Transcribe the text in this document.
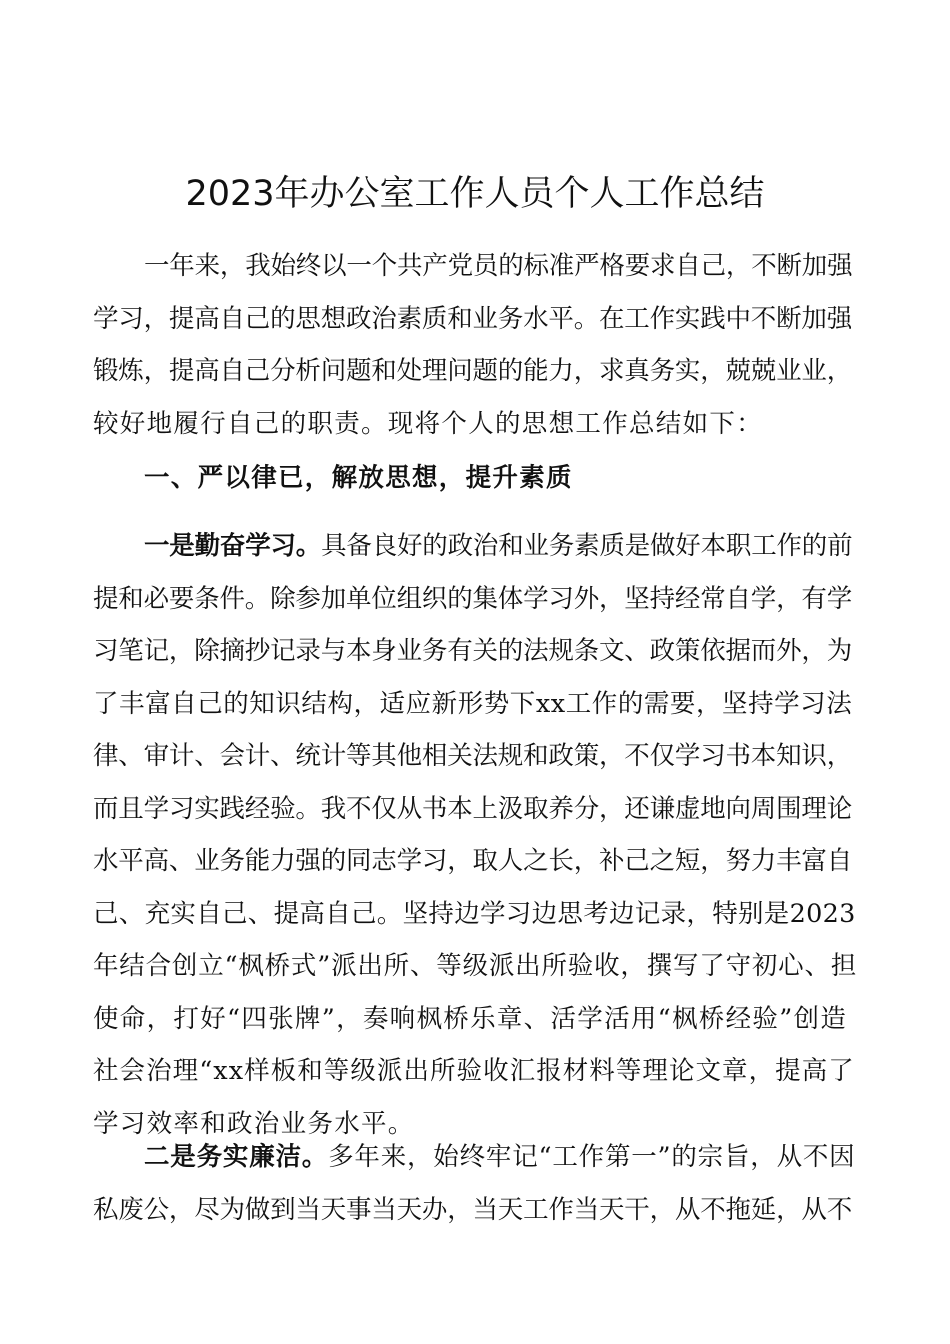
2023年办公室工作人员个人工作总结
一年来，我始终以一个共产党员的标准严格要求自己，不断加强
学习，提高自己的思想政治素质和业务水平。在工作实践中不断加强
锻炼，提高自己分析问题和处理问题的能力，求真务实，兢兢业业，
较好地履行自己的职责。现将个人的思想工作总结如下：
一、严以律已，解放思想，提升素质
一是勤奋学习。具备良好的政治和业务素质是做好本职工作的前
提和必要条件。除参加单位组织的集体学习外，坚持经常自学，有学
习笔记，除摘抄记录与本身业务有关的法规条文、政策依据而外，为
了丰富自己的知识结构，适应新形势下xx工作的需要，坚持学习法
律、审计、会计、统计等其他相关法规和政策，不仅学习书本知识，
而且学习实践经验。我不仅从书本上汲取养分，还谦虚地向周围理论
水平高、业务能力强的同志学习，取人之长，补己之短，努力丰富自
己、充实自己、提高自己。坚持边学习边思考边记录，特别是2023
年结合创立“枫桥式”派出所、等级派出所验收，撰写了守初心、担
使命，打好“四张牌”，奏响枫桥乐章、活学活用“枫桥经验”创造
社会治理“xx样板和等级派出所验收汇报材料等理论文章，提高了
学习效率和政治业务水平。
二是务实廉洁。多年来，始终牢记“工作第一”的宗旨，从不因
私废公，尽为做到当天事当天办，当天工作当天干，从不拖延，从不
